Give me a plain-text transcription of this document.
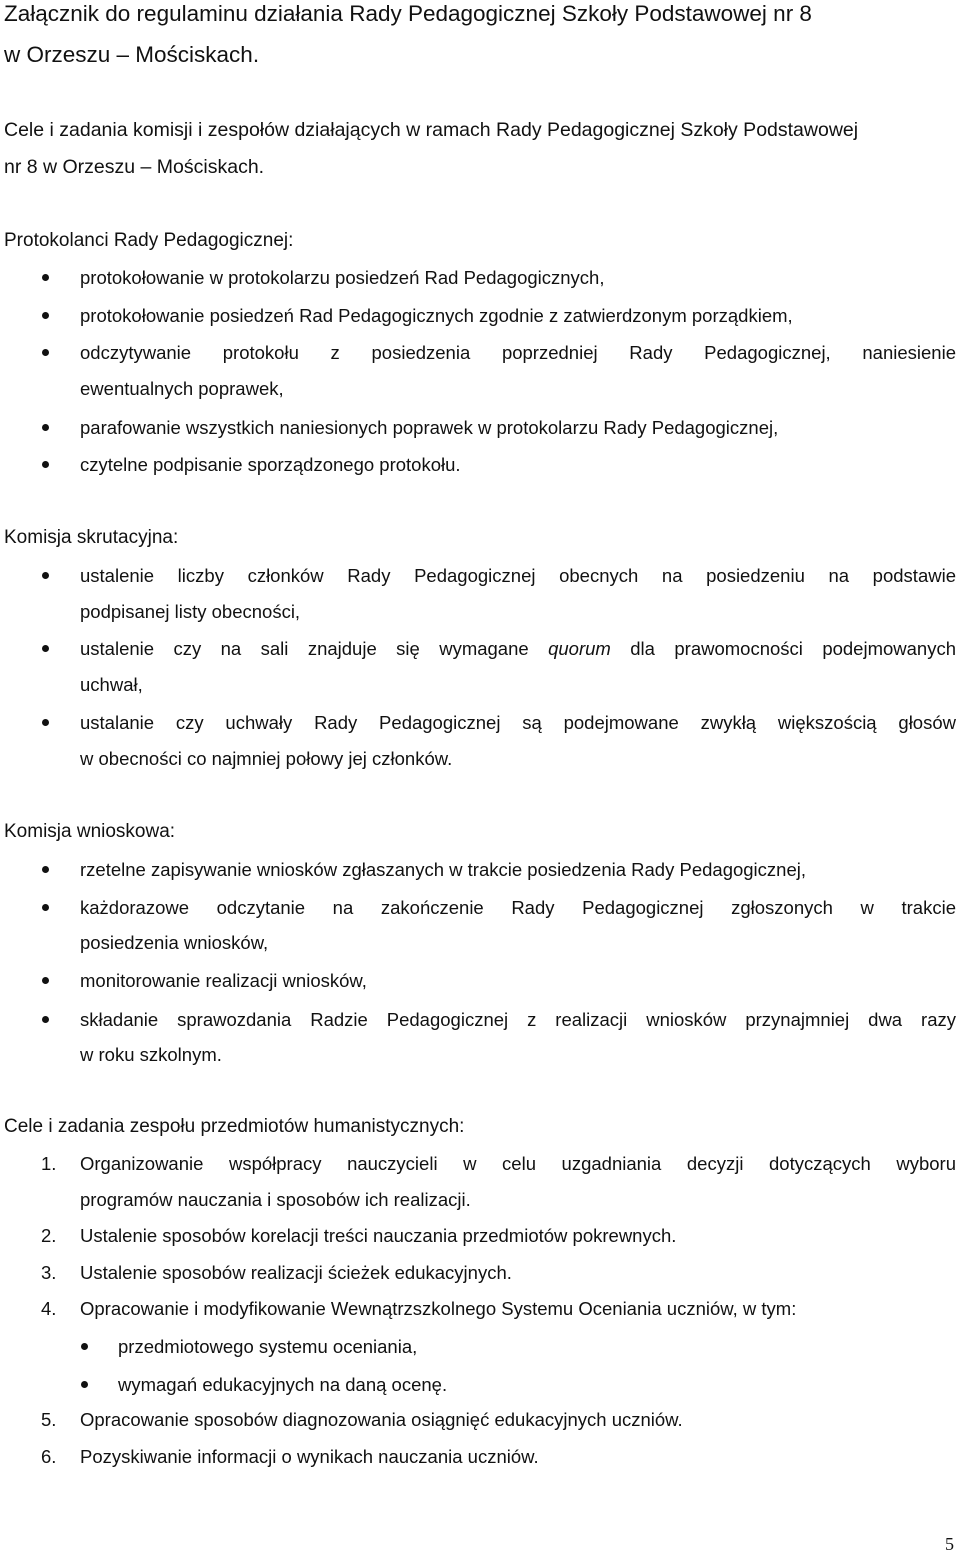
Załącznik do regulaminu działania Rady Pedagogicznej Szkoły Podstawowej nr 8
w Orzeszu – Mościskach.
Cele i zadania komisji i zespołów działających w ramach Rady Pedagogicznej Szkoły Podstawowej
nr 8 w Orzeszu – Mościskach.
Protokolanci Rady Pedagogicznej:
protokołowanie w protokolarzu posiedzeń Rad Pedagogicznych,
protokołowanie posiedzeń Rad Pedagogicznych zgodnie z zatwierdzonym porządkiem,
odczytywanie protokołu z posiedzenia poprzedniej Rady Pedagogicznej, naniesienie
ewentualnych poprawek,
parafowanie wszystkich naniesionych poprawek w protokolarzu Rady Pedagogicznej,
czytelne podpisanie sporządzonego protokołu.
Komisja skrutacyjna:
ustalenie liczby członków Rady Pedagogicznej obecnych na posiedzeniu na podstawie
podpisanej listy obecności,
ustalenie czy na sali znajduje się wymagane quorum dla prawomocności podejmowanych
uchwał,
ustalanie czy uchwały Rady Pedagogicznej są podejmowane zwykłą większością głosów
w obecności co najmniej połowy jej członków.
Komisja wnioskowa:
rzetelne zapisywanie wniosków zgłaszanych w trakcie posiedzenia Rady Pedagogicznej,
każdorazowe odczytanie na zakończenie Rady Pedagogicznej zgłoszonych w trakcie
posiedzenia wniosków,
monitorowanie realizacji wniosków,
składanie sprawozdania Radzie Pedagogicznej z realizacji wniosków przynajmniej dwa razy
w roku szkolnym.
Cele i zadania zespołu przedmiotów humanistycznych:
1. Organizowanie współpracy nauczycieli w celu uzgadniania decyzji dotyczących wyboru
programów nauczania i sposobów ich realizacji.
2. Ustalenie sposobów korelacji treści nauczania przedmiotów pokrewnych.
3. Ustalenie sposobów realizacji ścieżek edukacyjnych.
4. Opracowanie i modyfikowanie Wewnątrzszkolnego Systemu Oceniania uczniów, w tym:
przedmiotowego systemu oceniania,
wymagań edukacyjnych na daną ocenę.
5. Opracowanie sposobów diagnozowania osiągnięć edukacyjnych uczniów.
6. Pozyskiwanie informacji o wynikach nauczania uczniów.
5
